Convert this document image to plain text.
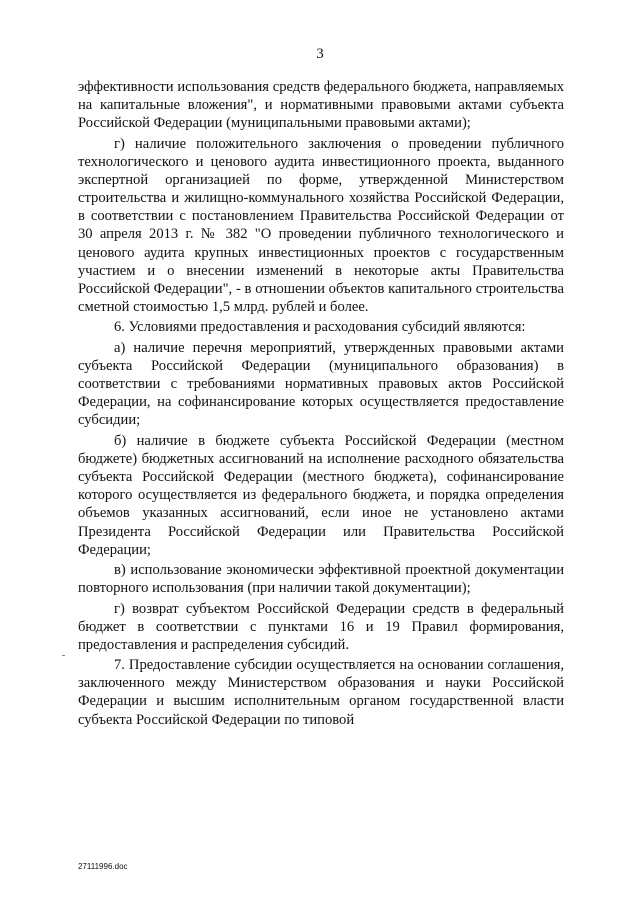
3

эффективности использования средств федерального бюджета, направляемых на капитальные вложения", и нормативными правовыми актами субъекта Российской Федерации (муниципальными правовыми актами);

г) наличие положительного заключения о проведении публичного технологического и ценового аудита инвестиционного проекта, выданного экспертной организацией по форме, утвержденной Министерством строительства и жилищно-коммунального хозяйства Российской Федерации, в соответствии с постановлением Правительства Российской Федерации от 30 апреля 2013 г. № 382 "О проведении публичного технологического и ценового аудита крупных инвестиционных проектов с государственным участием и о внесении изменений в некоторые акты Правительства Российской Федерации", - в отношении объектов капитального строительства сметной стоимостью 1,5 млрд. рублей и более.

6. Условиями предоставления и расходования субсидий являются:

а) наличие перечня мероприятий, утвержденных правовыми актами субъекта Российской Федерации (муниципального образования) в соответствии с требованиями нормативных правовых актов Российской Федерации, на софинансирование которых осуществляется предоставление субсидии;

б) наличие в бюджете субъекта Российской Федерации (местном бюджете) бюджетных ассигнований на исполнение расходного обязательства субъекта Российской Федерации (местного бюджета), софинансирование которого осуществляется из федерального бюджета, и порядка определения объемов указанных ассигнований, если иное не установлено актами Президента Российской Федерации или Правительства Российской Федерации;

в) использование экономически эффективной проектной документации повторного использования (при наличии такой документации);

г) возврат субъектом Российской Федерации средств в федеральный бюджет в соответствии с пунктами 16 и 19 Правил формирования, предоставления и распределения субсидий.

7. Предоставление субсидии осуществляется на основании соглашения, заключенного между Министерством образования и науки Российской Федерации и высшим исполнительным органом государственной власти субъекта Российской Федерации по типовой

27111996.doc
